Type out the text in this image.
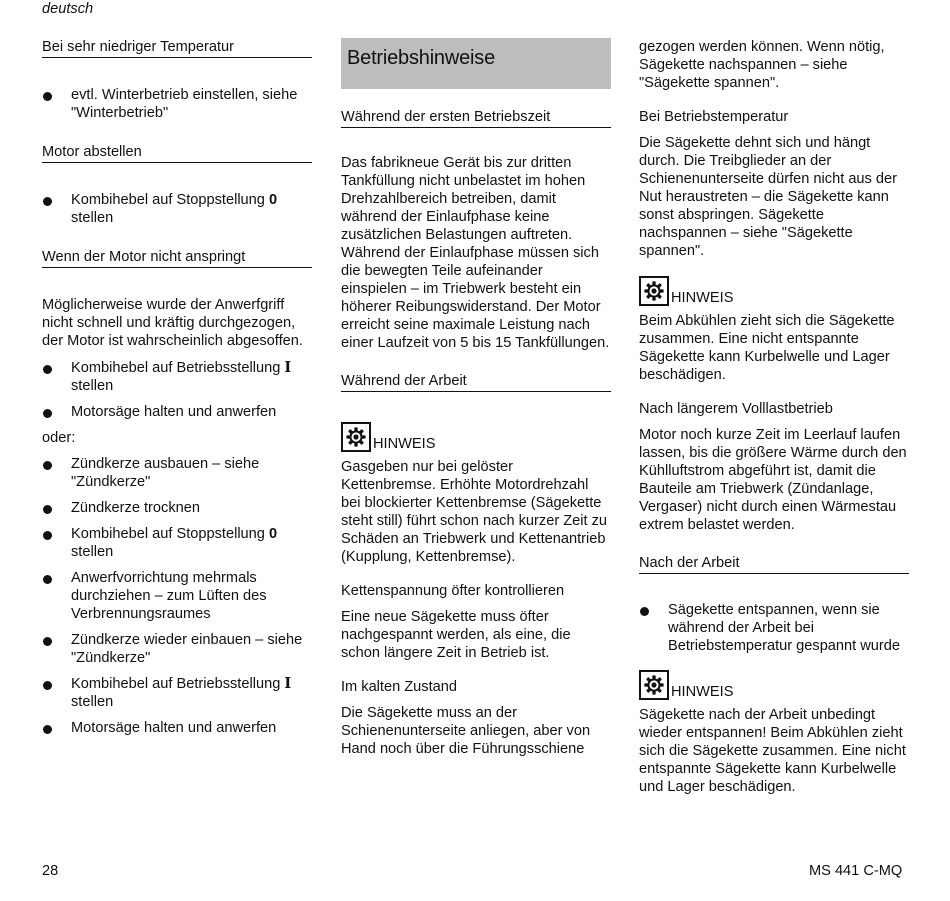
deutsch
Bei sehr niedriger Temperatur

evtl. Winterbetrieb einstellen, siehe "Winterbetrieb"

Motor abstellen

Kombihebel auf Stoppstellung 0
stellen

Wenn der Motor nicht anspringt

Möglicherweise wurde der Anwerfgriff nicht schnell und kräftig durchgezogen, der Motor ist wahrscheinlich abgesoffen.

Kombihebel auf Betriebsstellung I
stellen

Motorsäge halten und anwerfen

oder:

Zündkerze ausbauen – siehe "Zündkerze"

Zündkerze trocknen

Kombihebel auf Stoppstellung 0
stellen

Anwerfvorrichtung mehrmals durchziehen – zum Lüften des Verbrennungsraumes

Zündkerze wieder einbauen – siehe "Zündkerze"

Kombihebel auf Betriebsstellung I
stellen

Motorsäge halten und anwerfen

Betriebshinweise
Während der ersten Betriebszeit

Das fabrikneue Gerät bis zur dritten Tankfüllung nicht unbelastet im hohen Drehzahlbereich betreiben, damit während der Einlaufphase keine zusätzlichen Belastungen auftreten. Während der Einlaufphase müssen sich die bewegten Teile aufeinander einspielen – im Triebwerk besteht ein höherer Reibungswiderstand. Der Motor erreicht seine maximale Leistung nach einer Laufzeit von 5 bis 15 Tankfüllungen.

Während der Arbeit
HINWEIS

Gasgeben nur bei gelöster Kettenbremse. Erhöhte Motordrehzahl bei blockierter Kettenbremse (Sägekette steht still) führt schon nach kurzer Zeit zu Schäden an Triebwerk und Kettenantrieb (Kupplung, Kettenbremse).

Kettenspannung öfter kontrollieren

Eine neue Sägekette muss öfter nachgespannt werden, als eine, die schon längere Zeit in Betrieb ist.

Im kalten Zustand

Die Sägekette muss an der Schienenunterseite anliegen, aber von Hand noch über die Führungsschiene

gezogen werden können. Wenn nötig, Sägekette nachspannen – siehe "Sägekette spannen".

Bei Betriebstemperatur

Die Sägekette dehnt sich und hängt durch. Die Treibglieder an der Schienenunterseite dürfen nicht aus der Nut heraustreten – die Sägekette kann sonst abspringen. Sägekette nachspannen – siehe "Sägekette spannen".

HINWEIS

Beim Abkühlen zieht sich die Sägekette zusammen. Eine nicht entspannte Sägekette kann Kurbelwelle und Lager beschädigen.

Nach längerem Volllastbetrieb

Motor noch kurze Zeit im Leerlauf laufen lassen, bis die größere Wärme durch den Kühlluftstrom abgeführt ist, damit die Bauteile am Triebwerk (Zündanlage, Vergaser) nicht durch einen Wärmestau extrem belastet werden.

Nach der Arbeit

Sägekette entspannen, wenn sie während der Arbeit bei Betriebstemperatur gespannt wurde

HINWEIS

Sägekette nach der Arbeit unbedingt wieder entspannen! Beim Abkühlen zieht sich die Sägekette zusammen. Eine nicht entspannte Sägekette kann Kurbelwelle und Lager beschädigen.

28	MS 441 C-MQ
